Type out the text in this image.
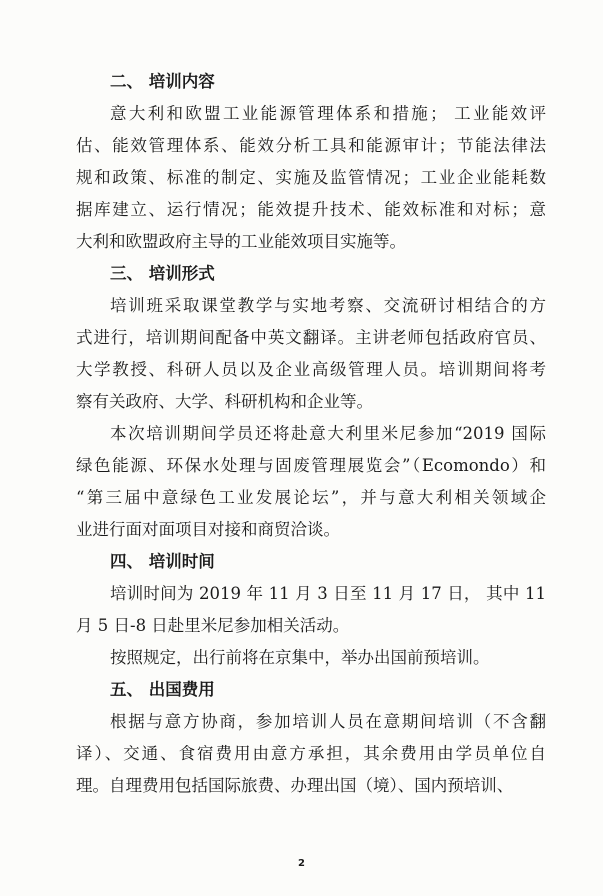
二、 培训内容
意大利和欧盟工业能源管理体系和措施； 工业能效评
估、能效管理体系、能效分析工具和能源审计；节能法律法
规和政策、标准的制定、实施及监管情况；工业企业能耗数
据库建立、运行情况；能效提升技术、能效标准和对标；意
大利和欧盟政府主导的工业能效项目实施等。
三、 培训形式
培训班采取课堂教学与实地考察、交流研讨相结合的方
式进行，培训期间配备中英文翻译。主讲老师包括政府官员、
大学教授、科研人员以及企业高级管理人员。培训期间将考
察有关政府、大学、科研机构和企业等。
本次培训期间学员还将赴意大利里米尼参加“2019 国际
绿色能源、环保水处理与固废管理展览会”（Ecomondo）和
“第三届中意绿色工业发展论坛”，并与意大利相关领域企
业进行面对面项目对接和商贸洽谈。
四、 培训时间
培训时间为 2019 年 11 月 3 日至 11 月 17 日， 其中 11
月 5 日-8 日赴里米尼参加相关活动。
按照规定，出行前将在京集中，举办出国前预培训。
五、 出国费用
根据与意方协商，参加培训人员在意期间培训（不含翻
译）、交通、食宿费用由意方承担，其余费用由学员单位自
理。自理费用包括国际旅费、办理出国（境）、国内预培训、
2
